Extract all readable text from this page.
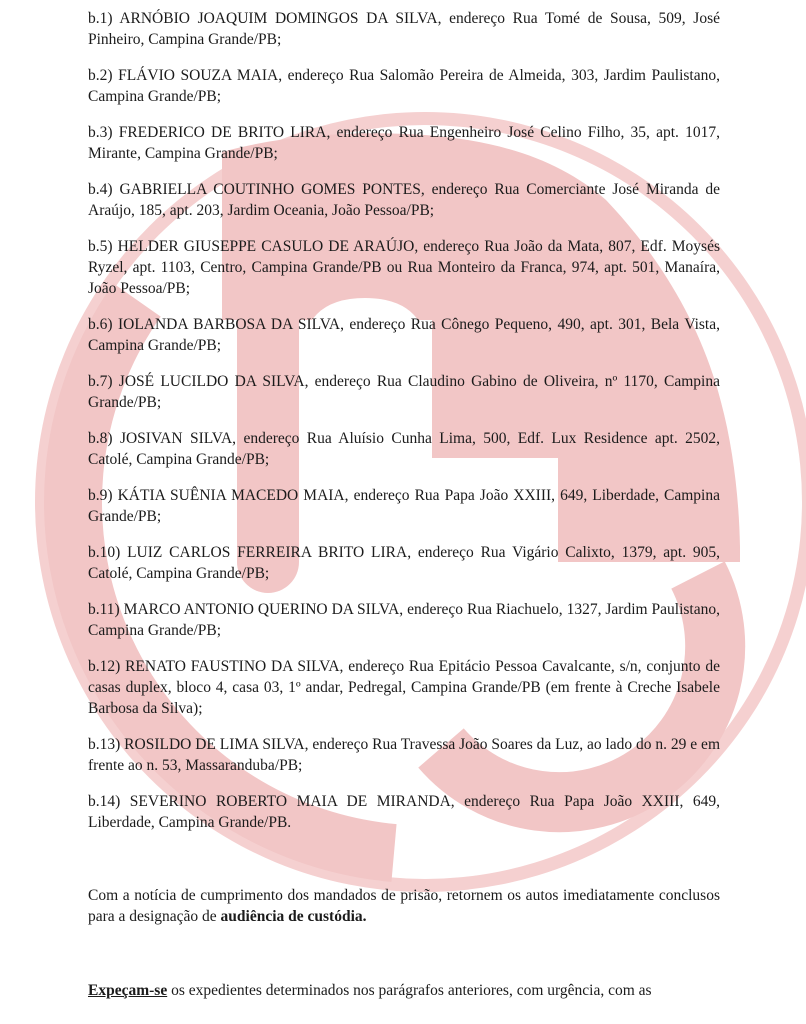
b.1) ARNÓBIO JOAQUIM DOMINGOS DA SILVA, endereço Rua Tomé de Sousa, 509, José Pinheiro, Campina Grande/PB;

b.2) FLÁVIO SOUZA MAIA, endereço Rua Salomão Pereira de Almeida, 303, Jardim Paulistano, Campina Grande/PB;

b.3) FREDERICO DE BRITO LIRA, endereço Rua Engenheiro José Celino Filho, 35, apt. 1017, Mirante, Campina Grande/PB;

b.4) GABRIELLA COUTINHO GOMES PONTES, endereço Rua Comerciante José Miranda de Araújo, 185, apt. 203, Jardim Oceania, João Pessoa/PB;

b.5) HELDER GIUSEPPE CASULO DE ARAÚJO, endereço Rua João da Mata, 807, Edf. Moysés Ryzel, apt. 1103, Centro, Campina Grande/PB ou Rua Monteiro da Franca, 974, apt. 501, Manaíra, João Pessoa/PB;

b.6) IOLANDA BARBOSA DA SILVA, endereço Rua Cônego Pequeno, 490, apt. 301, Bela Vista, Campina Grande/PB;

b.7) JOSÉ LUCILDO DA SILVA, endereço Rua Claudino Gabino de Oliveira, nº 1170, Campina Grande/PB;

b.8) JOSIVAN SILVA, endereço Rua Aluísio Cunha Lima, 500, Edf. Lux Residence apt. 2502, Catolé, Campina Grande/PB;

b.9) KÁTIA SUÊNIA MACEDO MAIA, endereço Rua Papa João XXIII, 649, Liberdade, Campina Grande/PB;

b.10) LUIZ CARLOS FERREIRA BRITO LIRA, endereço Rua Vigário Calixto, 1379, apt. 905, Catolé, Campina Grande/PB;

b.11) MARCO ANTONIO QUERINO DA SILVA, endereço Rua Riachuelo, 1327, Jardim Paulistano, Campina Grande/PB;

b.12) RENATO FAUSTINO DA SILVA, endereço Rua Epitácio Pessoa Cavalcante, s/n, conjunto de casas duplex, bloco 4, casa 03, 1º andar, Pedregal, Campina Grande/PB (em frente à Creche Isabele Barbosa da Silva);

b.13) ROSILDO DE LIMA SILVA, endereço Rua Travessa João Soares da Luz, ao lado do n. 29 e em frente ao n. 53, Massaranduba/PB;

b.14) SEVERINO ROBERTO MAIA DE MIRANDA, endereço Rua Papa João XXIII, 649, Liberdade, Campina Grande/PB.

Com a notícia de cumprimento dos mandados de prisão, retornem os autos imediatamente conclusos para a designação de audiência de custódia.

Expeçam-se os expedientes determinados nos parágrafos anteriores, com urgência, com as
